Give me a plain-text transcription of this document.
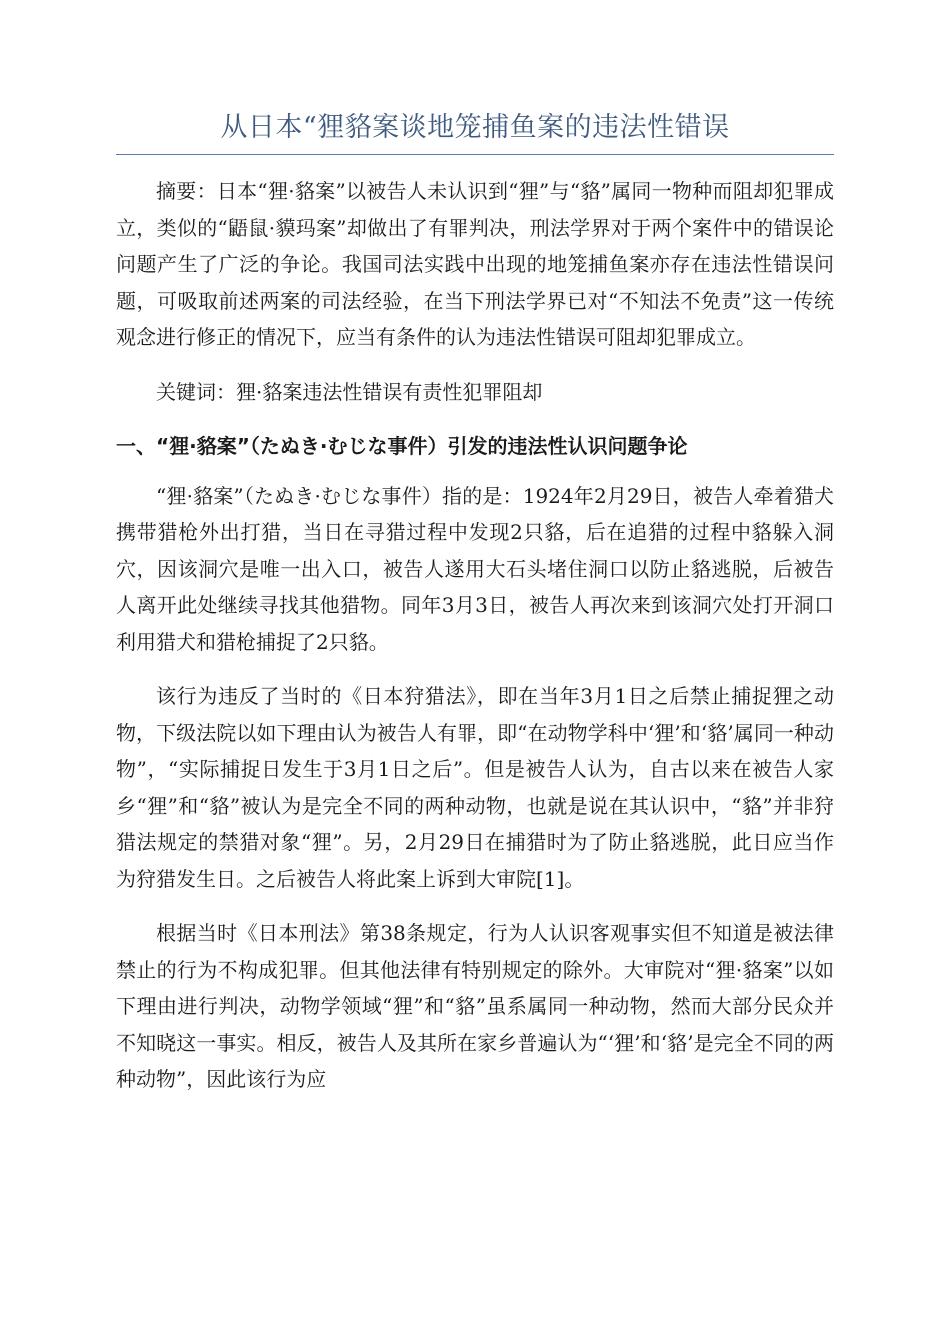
从日本“狸貉案谈地笼捕鱼案的违法性错误

摘要：日本“狸·貉案”以被告人未认识到“狸”与“貉”属同一物种而阻却犯罪成立，类似的“鼯鼠·貘玛案”却做出了有罪判决，刑法学界对于两个案件中的错误论问题产生了广泛的争论。我国司法实践中出现的地笼捕鱼案亦存在违法性错误问题，可吸取前述两案的司法经验，在当下刑法学界已对“不知法不免责”这一传统观念进行修正的情况下，应当有条件的认为违法性错误可阻却犯罪成立。

关键词：狸·貉案违法性错误有责性犯罪阻却

一、“狸·貉案”（たぬき·むじな事件）引发的违法性认识问题争论

“狸·貉案”（たぬき·むじな事件）指的是：1924年2月29日，被告人牵着猎犬携带猎枪外出打猎，当日在寻猎过程中发现2只貉，后在追猎的过程中貉躲入洞穴，因该洞穴是唯一出入口，被告人遂用大石头堵住洞口以防止貉逃脱，后被告人离开此处继续寻找其他猎物。同年3月3日，被告人再次来到该洞穴处打开洞口利用猎犬和猎枪捕捉了2只貉。

该行为违反了当时的《日本狩猎法》，即在当年3月1日之后禁止捕捉狸之动物，下级法院以如下理由认为被告人有罪，即“在动物学科中‘狸’和‘貉’属同一种动物”，“实际捕捉日发生于3月1日之后”。但是被告人认为，自古以来在被告人家乡“狸”和“貉”被认为是完全不同的两种动物，也就是说在其认识中，“貉”并非狩猎法规定的禁猎对象“狸”。另，2月29日在捕猎时为了防止貉逃脱，此日应当作为狩猎发生日。之后被告人将此案上诉到大审院[1]。

根据当时《日本刑法》第38条规定，行为人认识客观事实但不知道是被法律禁止的行为不构成犯罪。但其他法律有特别规定的除外。大审院对“狸·貉案”以如下理由进行判决，动物学领域“狸”和“貉”虽系属同一种动物，然而大部分民众并不知晓这一事实。相反，被告人及其所在家乡普遍认为“‘狸’和‘貉’是完全不同的两种动物”，因此该行为应
